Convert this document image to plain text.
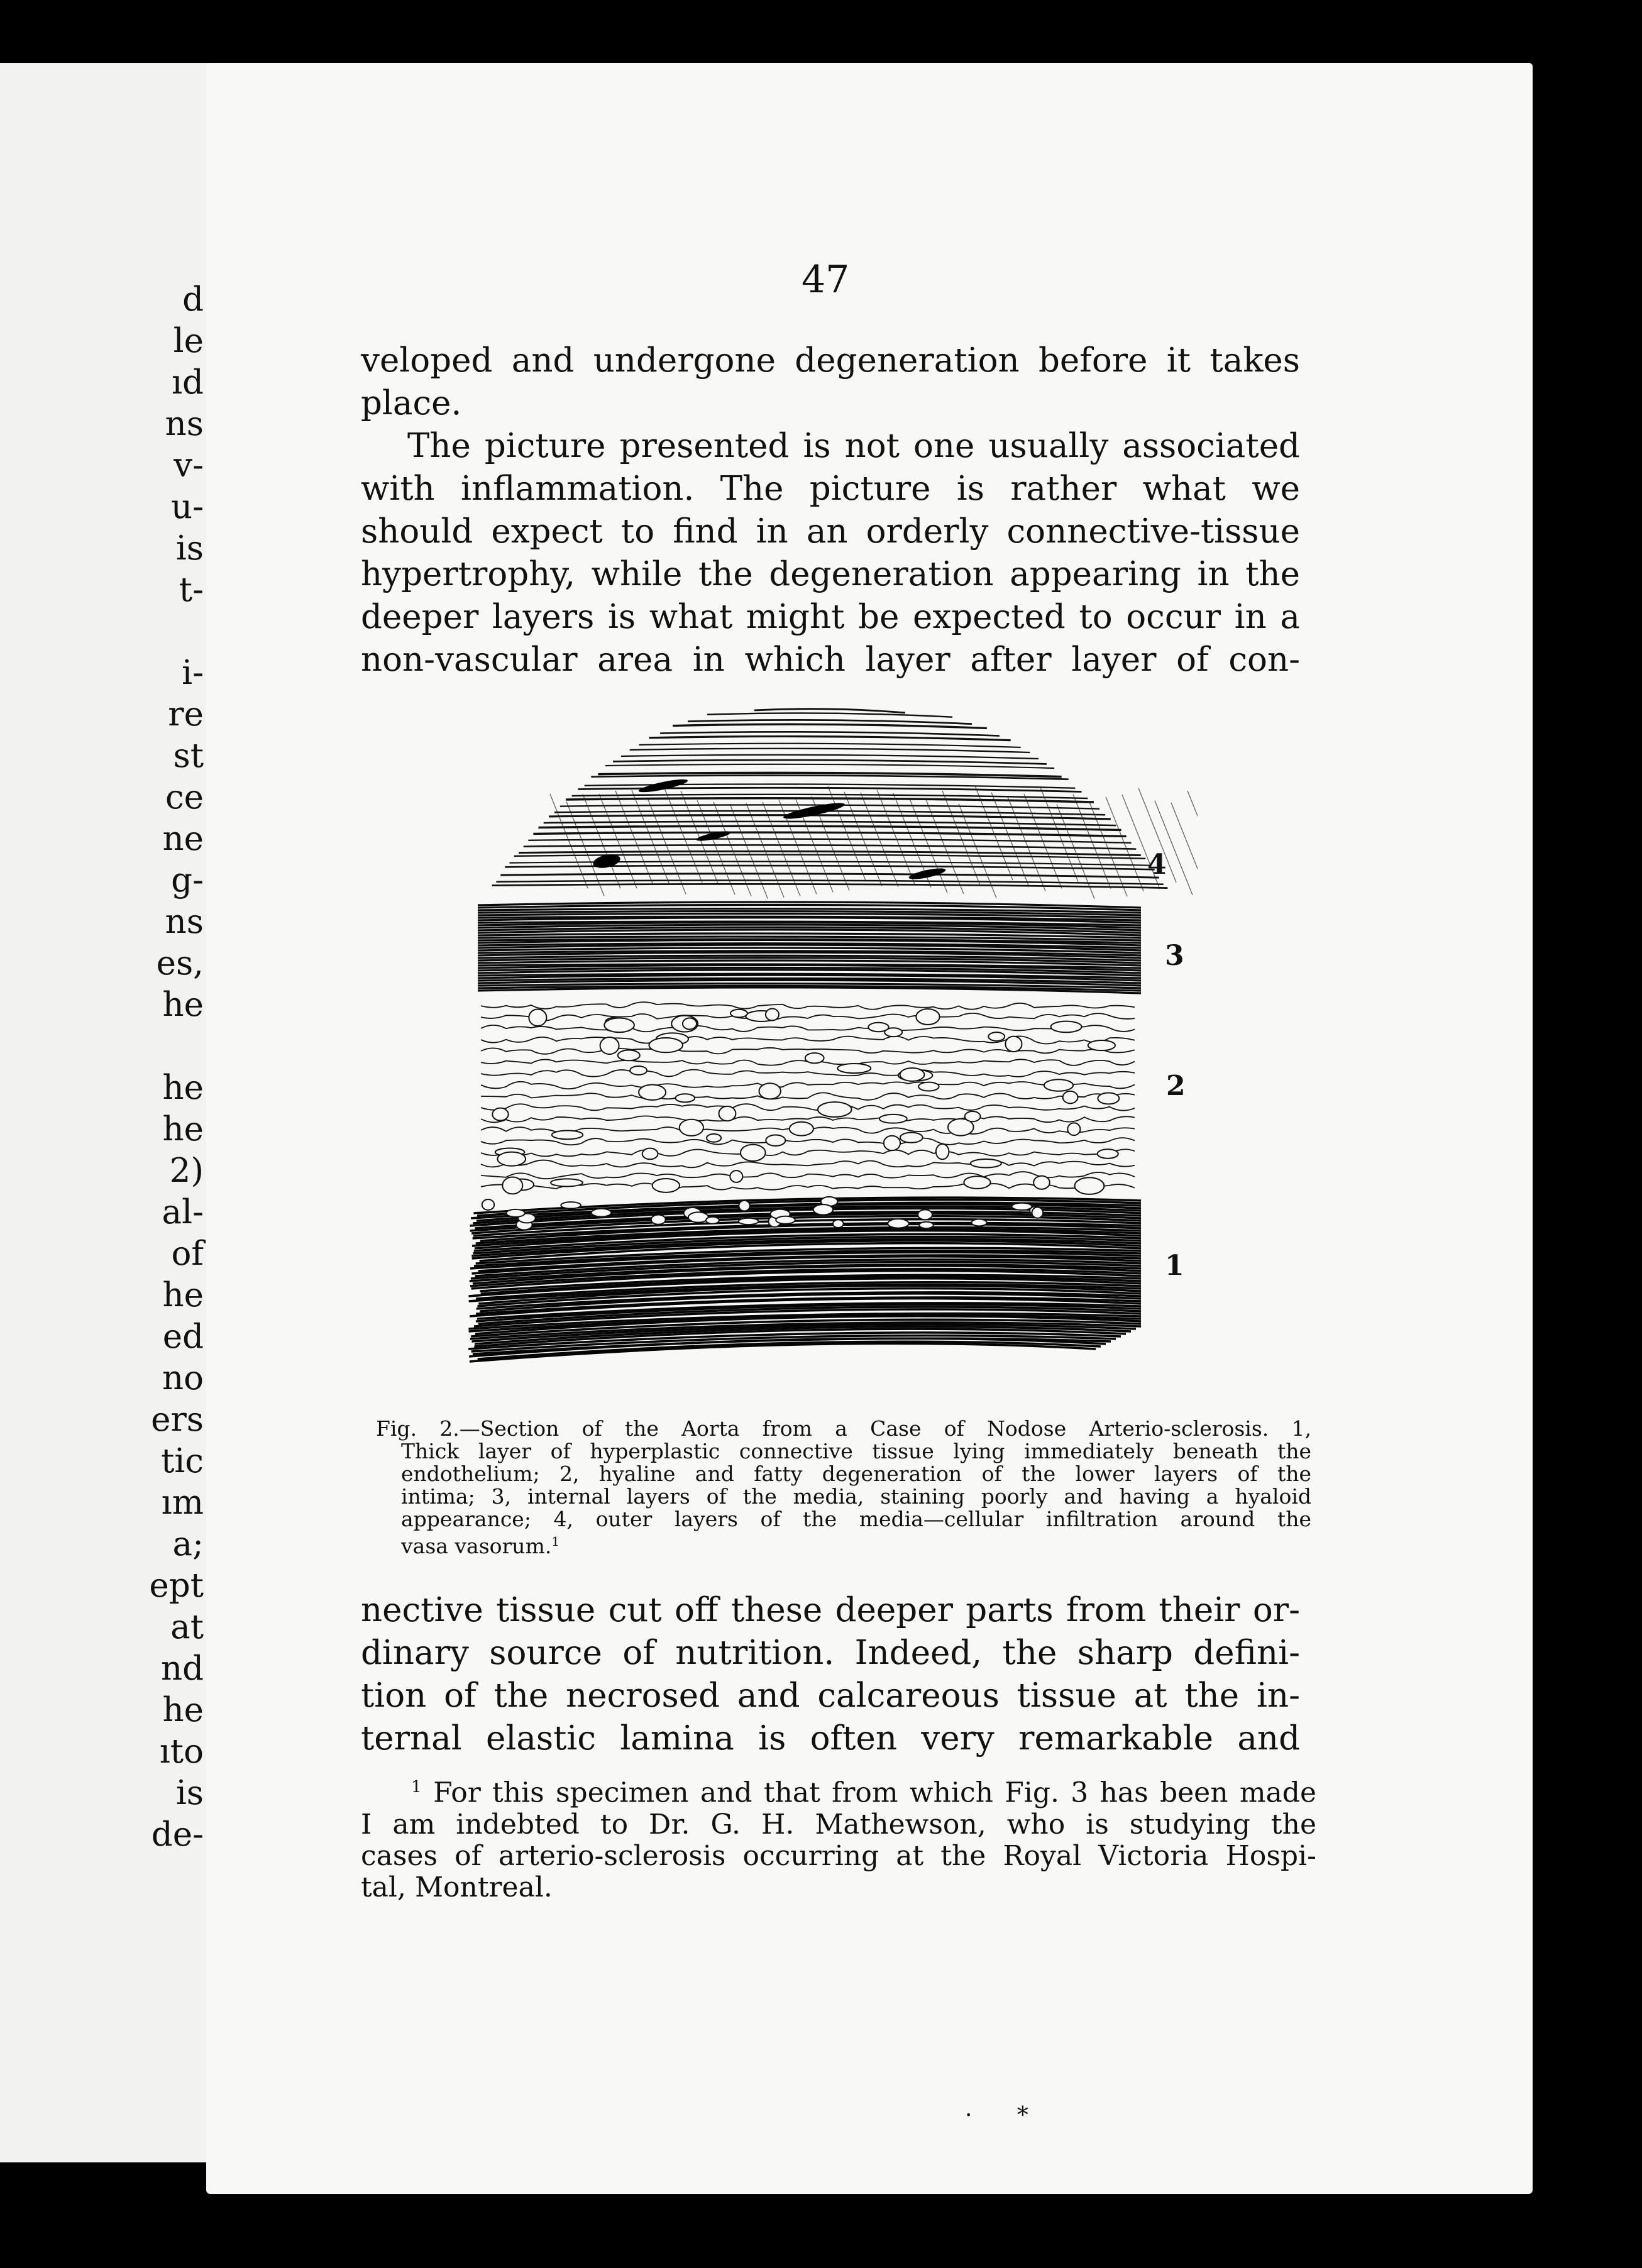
d
le
ıd
ns
v-
u-
is
t-
i-
re
st
ce
ne
g-
ns
es,
he
he
he
2)
al-
of
he
ed
no
ers
tic
ım
a;
ept
at
nd
he
ıto
is
de-
47
veloped and undergone degeneration before it takes
place.
The picture presented is not one usually associated
with inflammation. The picture is rather what we
should expect to find in an orderly connective-tissue
hypertrophy, while the degeneration appearing in the
deeper layers is what might be expected to occur in a
non-vascular area in which layer after layer of con-
4
3
2
1
Fig. 2.—Section of the Aorta from a Case of Nodose Arterio-sclerosis. 1,
Thick layer of hyperplastic connective tissue lying immediately beneath the
endothelium; 2, hyaline and fatty degeneration of the lower layers of the
intima; 3, internal layers of the media, staining poorly and having a hyaloid
appearance; 4, outer layers of the media—cellular infiltration around the
vasa vasorum.$^1$
nective tissue cut off these deeper parts from their or-
dinary source of nutrition. Indeed, the sharp defini-
tion of the necrosed and calcareous tissue at the in-
ternal elastic lamina is often very remarkable and
$^1$ For this specimen and that from which Fig. 3 has been made
I am indebted to Dr. G. H. Mathewson, who is studying the
cases of arterio-sclerosis occurring at the Royal Victoria Hospi-
tal, Montreal.
· *
